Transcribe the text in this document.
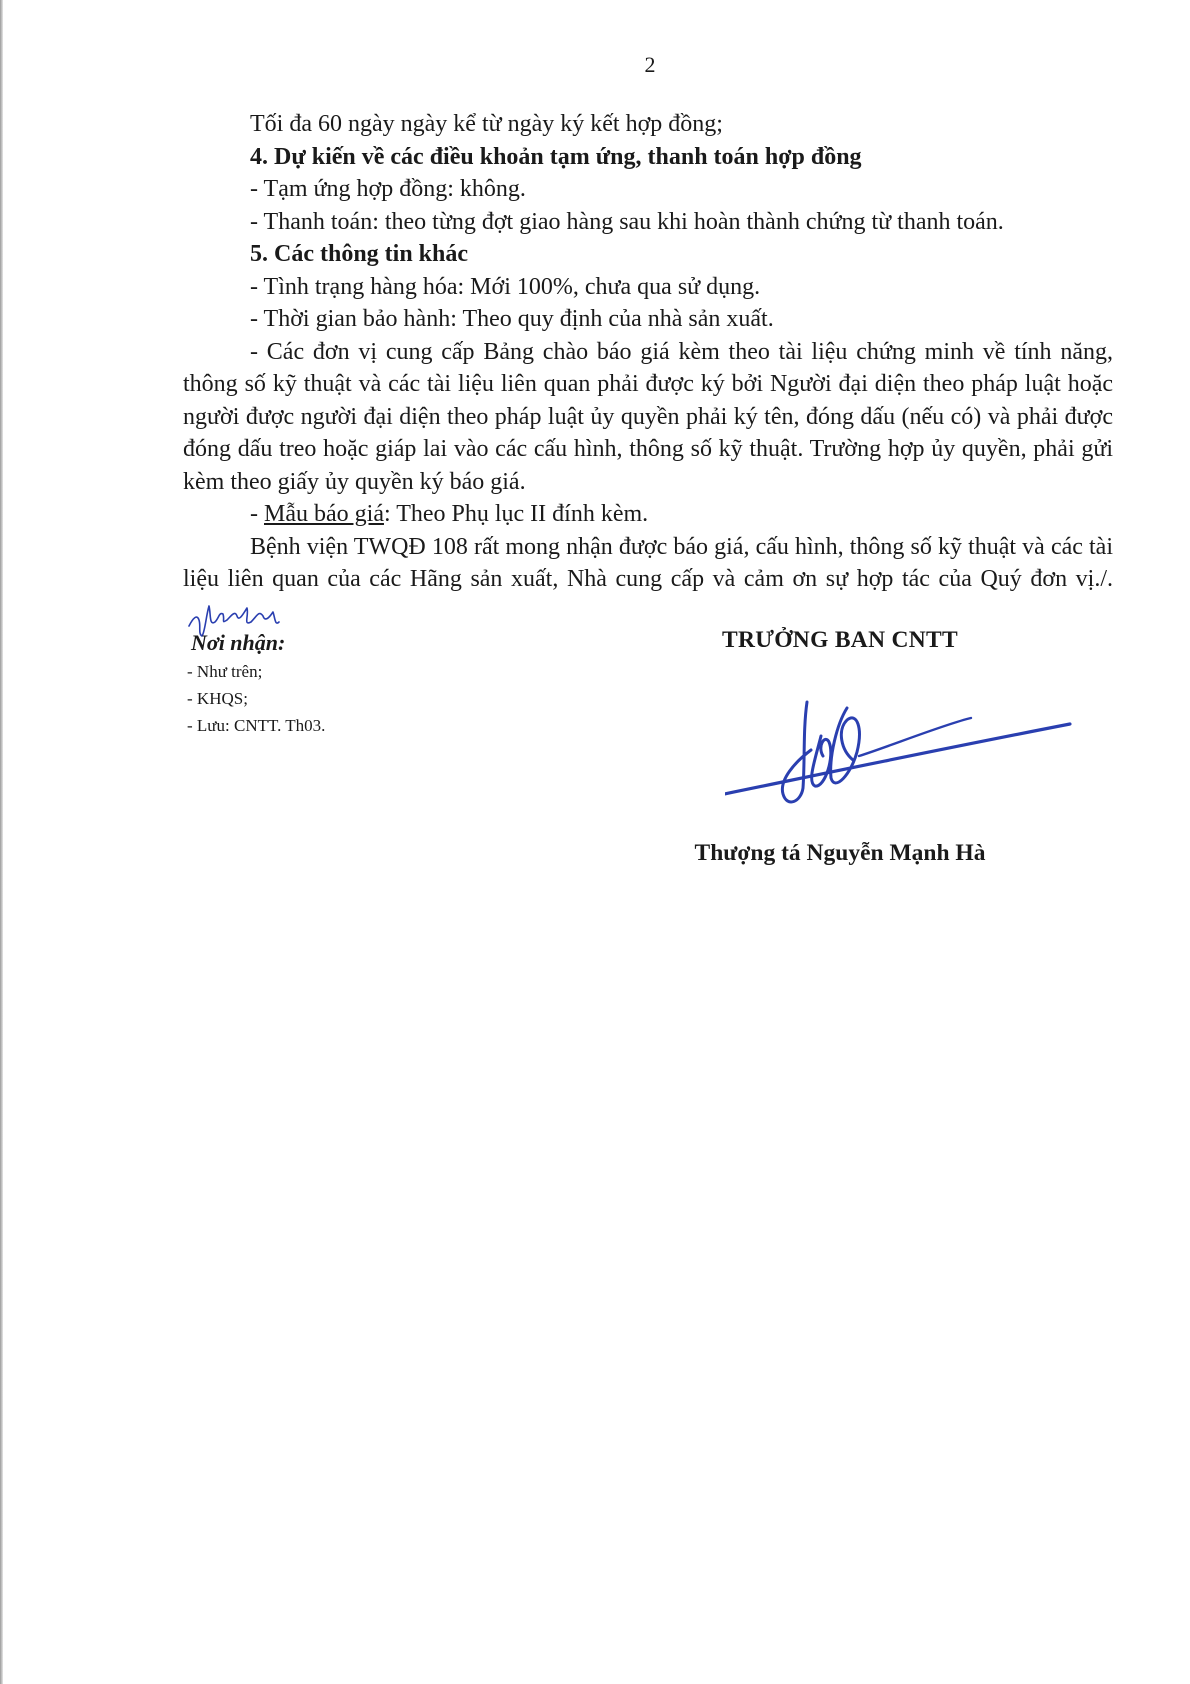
2
Tối đa 60 ngày ngày kể từ ngày ký kết hợp đồng;
4. Dự kiến về các điều khoản tạm ứng, thanh toán hợp đồng
- Tạm ứng hợp đồng: không.
- Thanh toán: theo từng đợt giao hàng sau khi hoàn thành chứng từ thanh toán.
5. Các thông tin khác
- Tình trạng hàng hóa: Mới 100%, chưa qua sử dụng.
- Thời gian bảo hành: Theo quy định của nhà sản xuất.

- Các đơn vị cung cấp Bảng chào báo giá kèm theo tài liệu chứng minh về tính năng, thông số kỹ thuật và các tài liệu liên quan phải được ký bởi Người đại diện theo pháp luật hoặc người được người đại diện theo pháp luật ủy quyền phải ký tên, đóng dấu (nếu có) và phải được đóng dấu treo hoặc giáp lai vào các cấu hình, thông số kỹ thuật. Trường hợp ủy quyền, phải gửi kèm theo giấy ủy quyền ký báo giá.

- Mẫu báo giá: Theo Phụ lục II đính kèm.

Bệnh viện TWQĐ 108 rất mong nhận được báo giá, cấu hình, thông số kỹ thuật và các tài liệu liên quan của các Hãng sản xuất, Nhà cung cấp và cảm ơn sự hợp tác của Quý đơn vị./.

Nơi nhận:
- Như trên;
- KHQS;
- Lưu: CNTT. Th03.
TRƯỞNG BAN CNTT
Thượng tá Nguyễn Mạnh Hà
